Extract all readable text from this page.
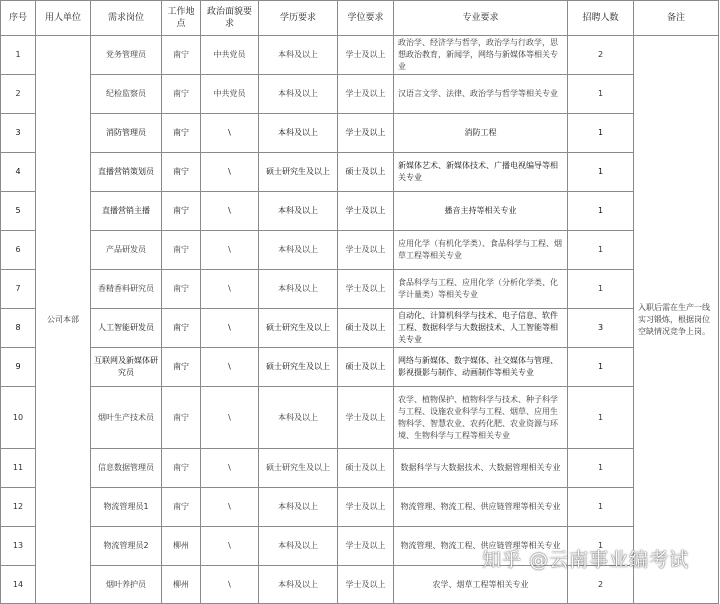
序号	用人单位	需求岗位	工作地点	政治面貌要求	学历要求	学位要求	专业要求	招聘人数	备注
1	公司本部	党务管理员	南宁	中共党员	本科及以上	学士及以上	政治学、经济学与哲学，政治学与行政学，思想政治教育，新闻学，网络与新媒体等相关专业	2	入职后需在生产一线实习锻炼，根据岗位空缺情况竞争上岗。
2		纪检监察员	南宁	中共党员	本科及以上	学士及以上	汉语言文学、法律、政治学与哲学等相关专业	1	
3		消防管理员	南宁	\	本科及以上	学士及以上	消防工程	1	
4		直播营销策划员	南宁	\	硕士研究生及以上	硕士及以上	新媒体艺术、新媒体技术、广播电视编导等相关专业	1	
5		直播营销主播	南宁	\	本科及以上	学士及以上	播音主持等相关专业	1	
6		产品研发员	南宁	\	本科及以上	学士及以上	应用化学（有机化学类）、食品科学与工程、烟草工程等相关专业	1	
7		香精香料研究员	南宁	\	本科及以上	学士及以上	食品科学与工程、应用化学（分析化学类、化学计量类）等相关专业	1	
8		人工智能研发员	南宁	\	硕士研究生及以上	硕士及以上	自动化、计算机科学与技术、电子信息、软件工程、数据科学与大数据技术、人工智能等相关专业	3	
9		互联网及新媒体研究员	南宁	\	硕士研究生及以上	硕士及以上	网络与新媒体、数字媒体、社交媒体与管理、影视摄影与制作、动画制作等相关专业	1	
10		烟叶生产技术员	南宁	\	本科及以上	学士及以上	农学、植物保护、植物科学与技术、种子科学与工程、设施农业科学与工程、烟草、应用生物科学、智慧农业、农药化肥、农业资源与环境、生物科学与工程等相关专业	1	
11		信息数据管理员	南宁	\	硕士研究生及以上	硕士及以上	数据科学与大数据技术、大数据管理相关专业	1	
12		物流管理员1	南宁	\	本科及以上	学士及以上	物流管理、物流工程、供应链管理等相关专业	1	
13		物流管理员2	柳州	\	本科及以上	学士及以上	物流管理、物流工程、供应链管理等相关专业	1	
14		烟叶养护员	柳州	\	本科及以上	学士及以上	农学、烟草工程等相关专业	2	
知乎 @云南事业编考试
